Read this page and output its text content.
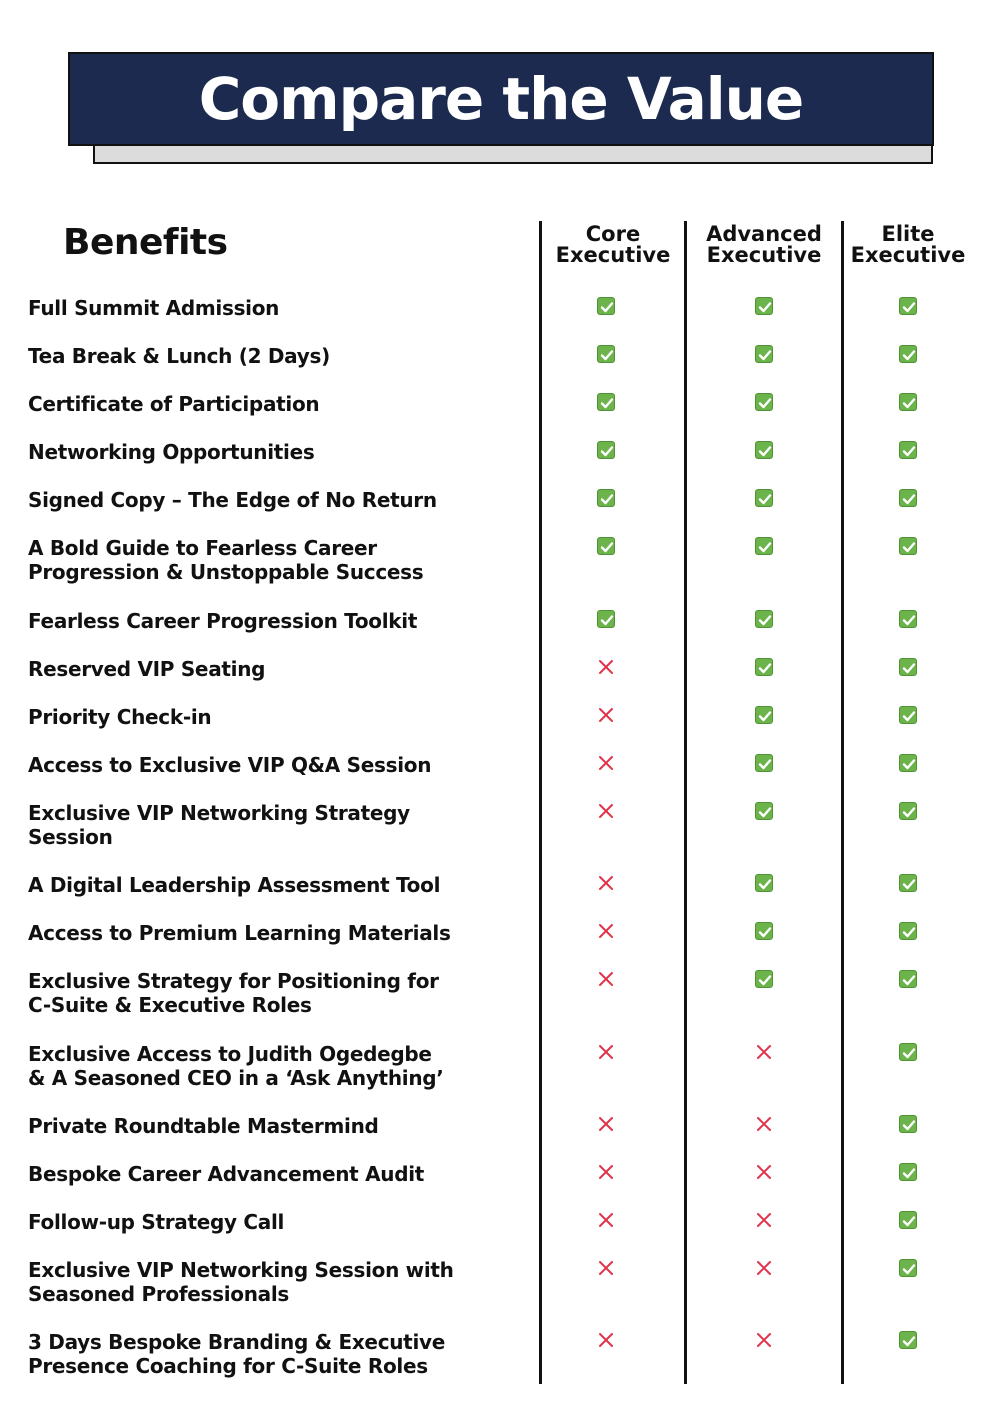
Compare the Value
Benefits	Core
Executive
Advanced
Executive
Elite
Executive
Full Summit Admission
Tea Break & Lunch (2 Days)
Certificate of Participation
Networking Opportunities
Signed Copy – The Edge of No Return
A Bold Guide to Fearless Career
Progression & Unstoppable Success
Fearless Career Progression Toolkit
Reserved VIP Seating
Priority Check-in
Access to Exclusive VIP Q&A Session
Exclusive VIP Networking Strategy
Session
A Digital Leadership Assessment Tool
Access to Premium Learning Materials
Exclusive Strategy for Positioning for
C-Suite & Executive Roles
Exclusive Access to Judith Ogedegbe
& A Seasoned CEO in a ‘Ask Anything’
Private Roundtable Mastermind
Bespoke Career Advancement Audit
Follow-up Strategy Call
Exclusive VIP Networking Session with
Seasoned Professionals
3 Days Bespoke Branding & Executive
Presence Coaching for C-Suite Roles
